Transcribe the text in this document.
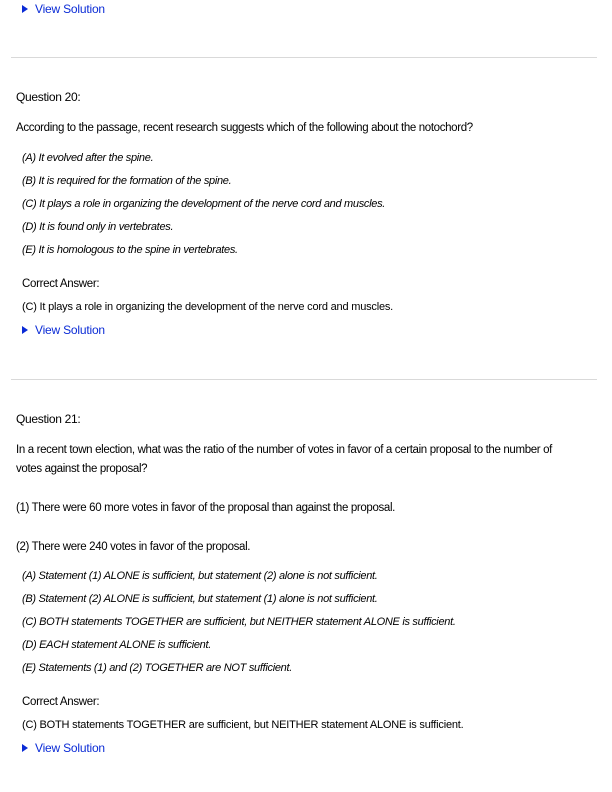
View Solution
Question 20:
According to the passage, recent research suggests which of the following about the notochord?
(A) It evolved after the spine.
(B) It is required for the formation of the spine.
(C) It plays a role in organizing the development of the nerve cord and muscles.
(D) It is found only in vertebrates.
(E) It is homologous to the spine in vertebrates.
Correct Answer:
(C) It plays a role in organizing the development of the nerve cord and muscles.
View Solution
Question 21:
In a recent town election, what was the ratio of the number of votes in favor of a certain proposal to the number of votes against the proposal?
(1) There were 60 more votes in favor of the proposal than against the proposal.
(2) There were 240 votes in favor of the proposal.
(A) Statement (1) ALONE is sufficient, but statement (2) alone is not sufficient.
(B) Statement (2) ALONE is sufficient, but statement (1) alone is not sufficient.
(C) BOTH statements TOGETHER are sufficient, but NEITHER statement ALONE is sufficient.
(D) EACH statement ALONE is sufficient.
(E) Statements (1) and (2) TOGETHER are NOT sufficient.
Correct Answer:
(C) BOTH statements TOGETHER are sufficient, but NEITHER statement ALONE is sufficient.
View Solution
